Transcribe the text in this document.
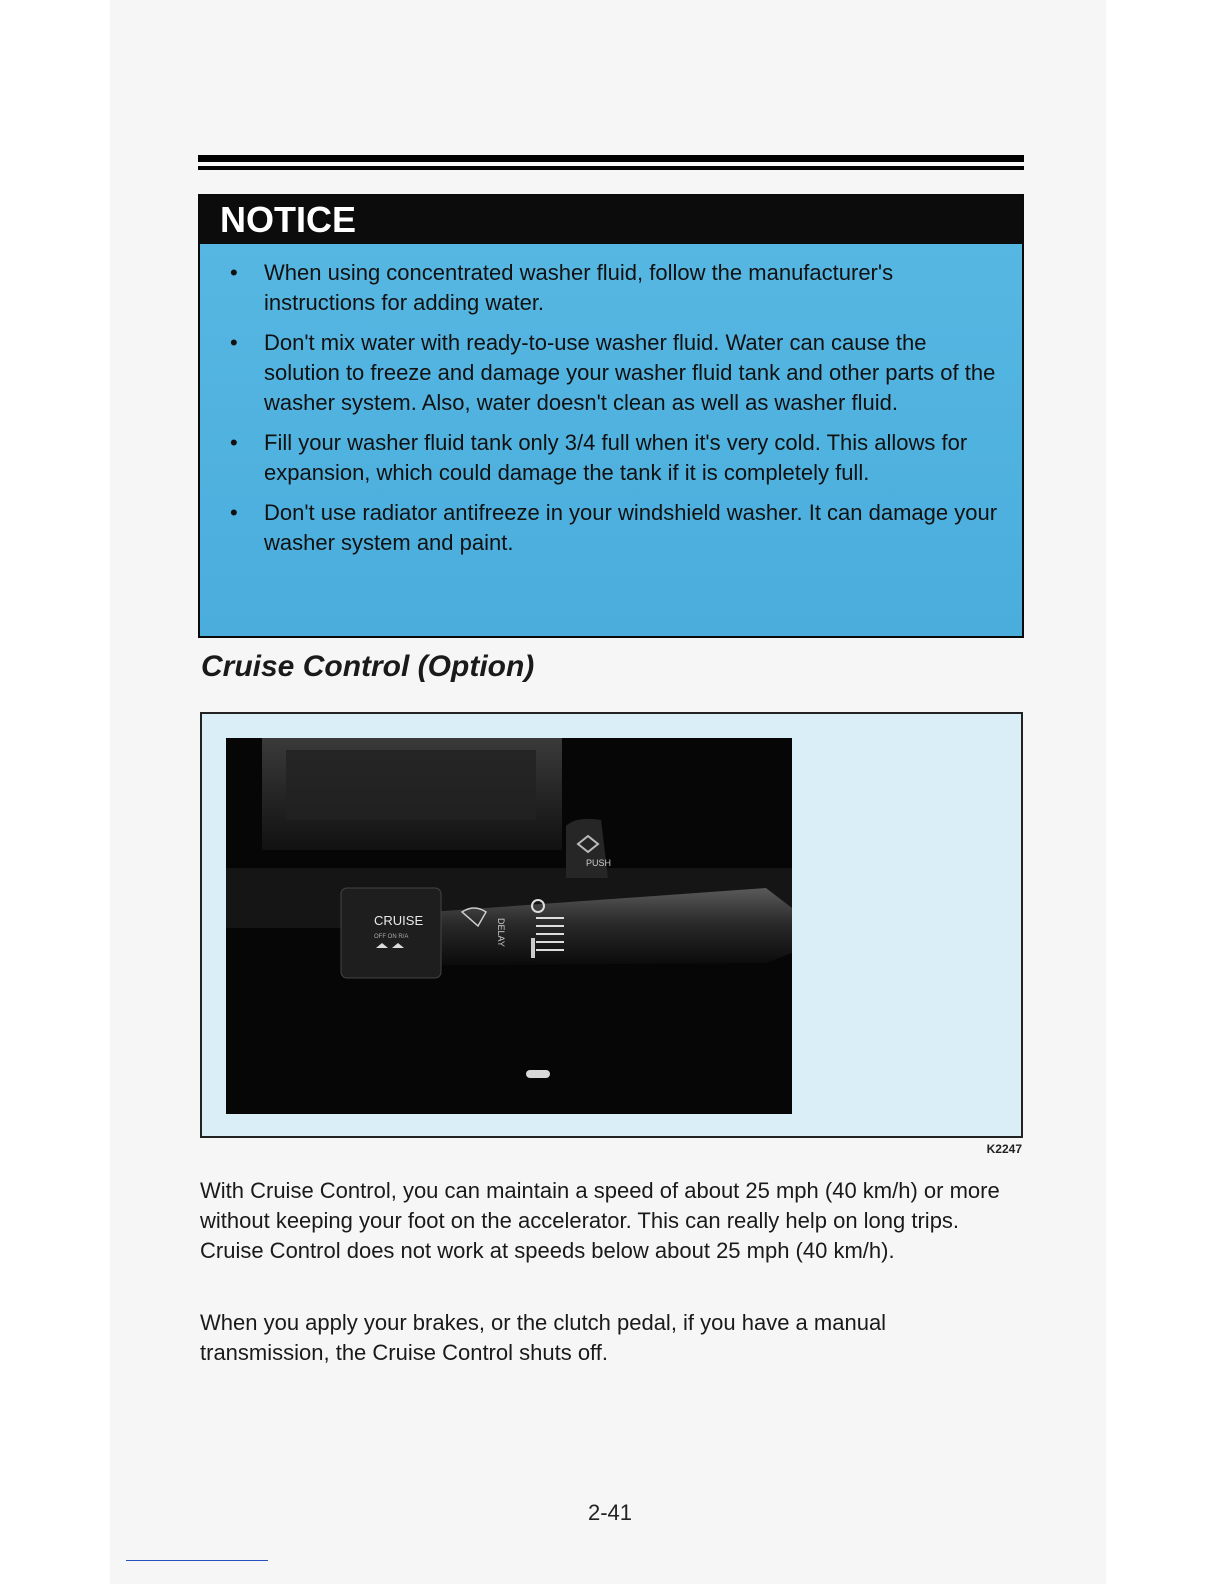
NOTICE
• When using concentrated washer fluid, follow the manufacturer's instructions for adding water.
• Don't mix water with ready-to-use washer fluid. Water can cause the solution to freeze and damage your washer fluid tank and other parts of the washer system. Also, water doesn't clean as well as washer fluid.
• Fill your washer fluid tank only 3/4 full when it's very cold. This allows for expansion, which could damage the tank if it is completely full.
• Don't use radiator antifreeze in your windshield washer. It can damage your washer system and paint.
Cruise Control (Option)
PUSH
CRUISE
OFF ON R/A	DELAY
K2247

With Cruise Control, you can maintain a speed of about 25 mph (40 km/h) or more without keeping your foot on the accelerator. This can really help on long trips. Cruise Control does not work at speeds below about 25 mph (40 km/h).

When you apply your brakes, or the clutch pedal, if you have a manual transmission, the Cruise Control shuts off.

2-41
